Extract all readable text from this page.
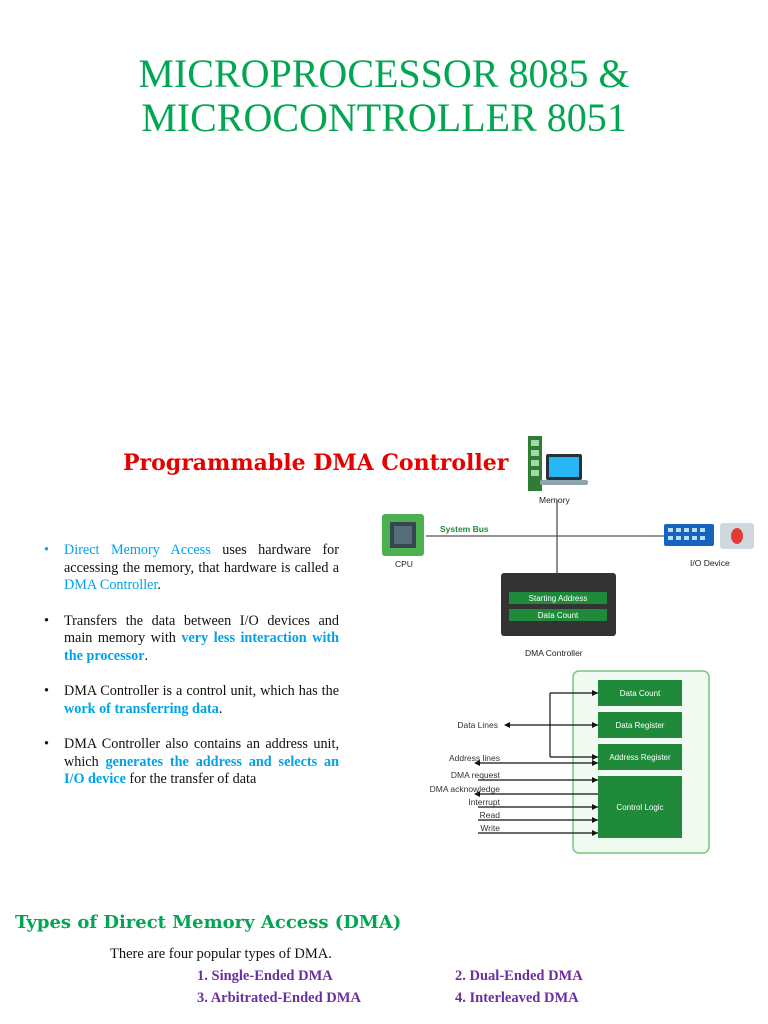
MICROPROCESSOR 8085 &
MICROCONTROLLER 8051
Programmable DMA Controller
• Direct Memory Access uses hardware for accessing the memory, that hardware is called a DMA Controller.
• Transfers the data between I/O devices and main memory with very less interaction with the processor.
• DMA Controller is a control unit, which has the work of transferring data.
• DMA Controller also contains an address unit, which generates the address and selects an I/O device for the transfer of data
System Bus
Memory
CPU	I/O Device
Starting Address
Data Count
DMA Controller
Data Count
Data Register
Address Register
Control Logic
Data Lines
Address lines
DMA request
DMA acknowledge
Interrupt
Read
Write
Types of Direct Memory Access (DMA)
There are four popular types of DMA.
1. Single-Ended DMA	2. Dual-Ended DMA
3. Arbitrated-Ended DMA	4. Interleaved DMA
